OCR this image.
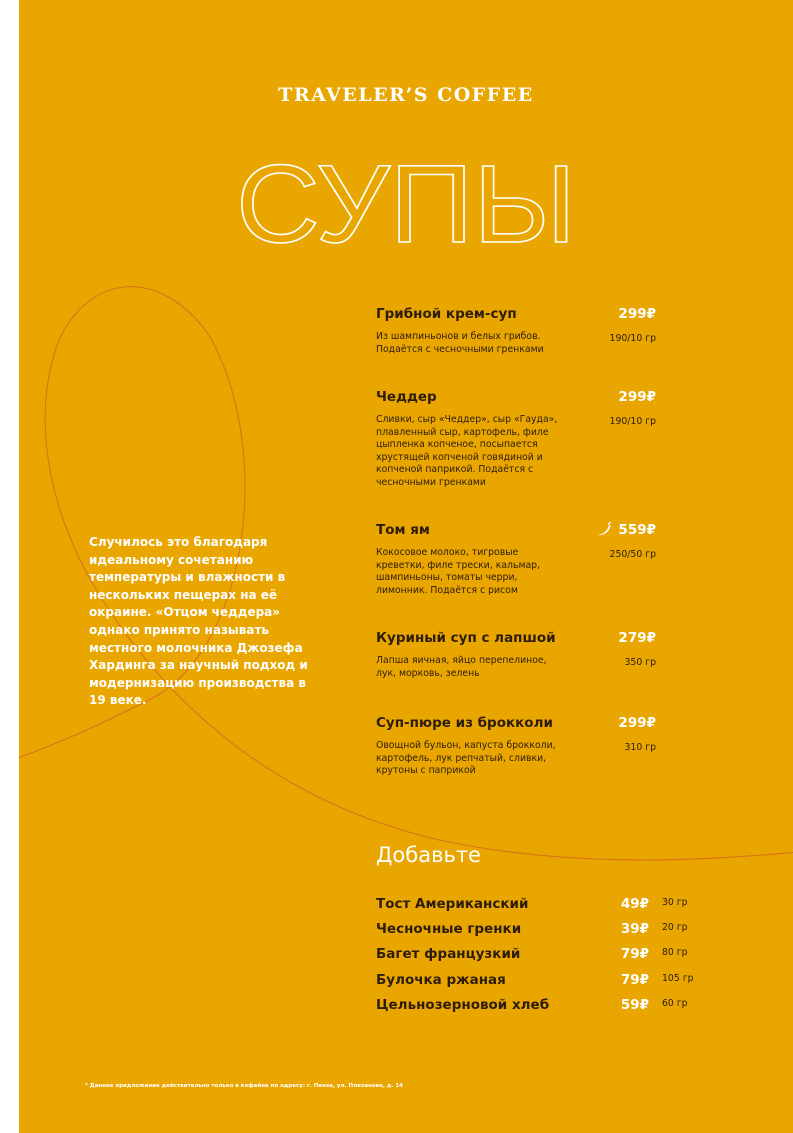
TRAVELER’S COFFEE
СУПЫ
Случилось это благодаря идеальному сочетанию температуры и влажности в нескольких пещерах на её окраине. «Отцом чеддера» однако принято называть местного молочника Джозефа Хардинга за научный подход и модернизацию производства в 19 веке.
Грибной крем-суп	299₽
Из шампиньонов и белых грибов. Подаётся с чесночными гренками
190/10 гр
Чеддер	299₽
Сливки, сыр «Чеддер», сыр «Гауда», плавленный сыр, картофель, филе цыпленка копченое, посыпается хрустящей копченой говядиной и копченой паприкой. Подаётся с чесночными гренками
190/10 гр
Том ям	559₽
Кокосовое молоко, тигровые креветки, филе трески, кальмар, шампиньоны, томаты черри, лимонник. Подаётся с рисом
250/50 гр
Куриный суп с лапшой	279₽
Лапша яичная, яйцо перепелиное, лук, морковь, зелень
350 гр
Суп-пюре из брокколи	299₽
Овощной бульон, капуста брокколи, картофель, лук репчатый, сливки, крутоны с паприкой
310 гр
Добавьте
Тост Американский	49₽ 30 гр
Чесночные гренки	39₽ 20 гр
Багет французкий	79₽ 80 гр
Булочка ржаная	79₽ 105 гр
Цельнозерновой хлеб	59₽ 60 гр
* Данное предложение действительно только в кофейне по адресу: г. Пенза, ул. Плеханова, д. 14
